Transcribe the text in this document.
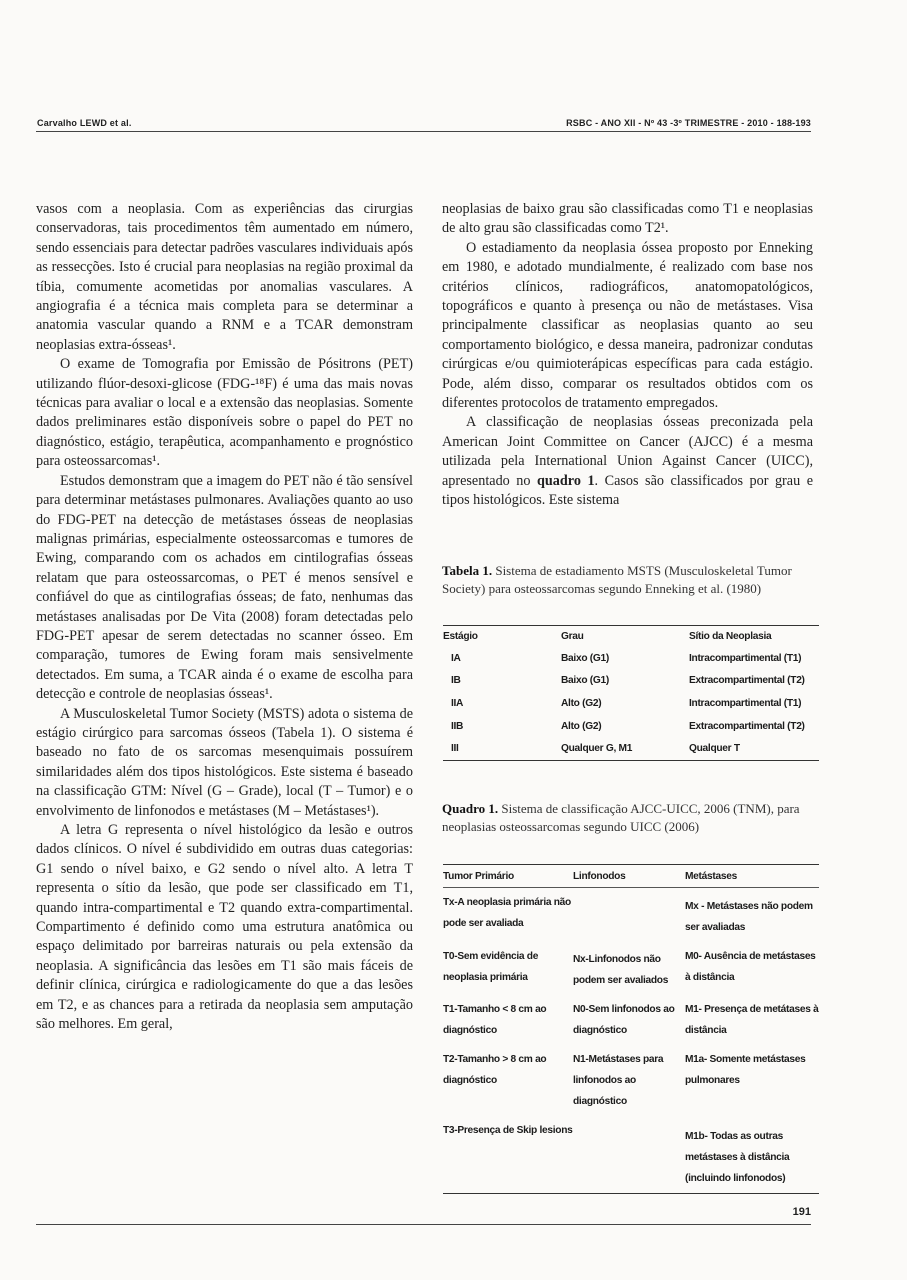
Carvalho LEWD et al.	RSBC - ANO XII - Nº 43 -3º TRIMESTRE - 2010 - 188-193

vasos com a neoplasia. Com as experiências das cirurgias conservadoras, tais procedimentos têm aumentado em número, sendo essenciais para detectar padrões vasculares individuais após as ressecções. Isto é crucial para neoplasias na região proximal da tíbia, comumente acometidas por anomalias vasculares. A angiografia é a técnica mais completa para se determinar a anatomia vascular quando a RNM e a TCAR demonstram neoplasias extra-ósseas¹.

O exame de Tomografia por Emissão de Pósitrons (PET) utilizando flúor-desoxi-glicose (FDG-¹⁸F) é uma das mais novas técnicas para avaliar o local e a extensão das neoplasias. Somente dados preliminares estão disponíveis sobre o papel do PET no diagnóstico, estágio, terapêutica, acompanhamento e prognóstico para osteossarcomas¹.

Estudos demonstram que a imagem do PET não é tão sensível para determinar metástases pulmonares. Avaliações quanto ao uso do FDG-PET na detecção de metástases ósseas de neoplasias malignas primárias, especialmente osteossarcomas e tumores de Ewing, comparando com os achados em cintilografias ósseas relatam que para osteossarcomas, o PET é menos sensível e confiável do que as cintilografias ósseas; de fato, nenhumas das metástases analisadas por De Vita (2008) foram detectadas pelo FDG-PET apesar de serem detectadas no scanner ósseo. Em comparação, tumores de Ewing foram mais sensivelmente detectados. Em suma, a TCAR ainda é o exame de escolha para detecção e controle de neoplasias ósseas¹.

A Musculoskeletal Tumor Society (MSTS) adota o sistema de estágio cirúrgico para sarcomas ósseos (Tabela 1). O sistema é baseado no fato de os sarcomas mesenquimais possuírem similaridades além dos tipos histológicos. Este sistema é baseado na classificação GTM: Nível (G – Grade), local (T – Tumor) e o envolvimento de linfonodos e metástases (M – Metástases¹).

A letra G representa o nível histológico da lesão e outros dados clínicos. O nível é subdividido em outras duas categorias: G1 sendo o nível baixo, e G2 sendo o nível alto. A letra T representa o sítio da lesão, que pode ser classificado em T1, quando intra-compartimental e T2 quando extra-compartimental. Compartimento é definido como uma estrutura anatômica ou espaço delimitado por barreiras naturais ou pela extensão da neoplasia. A significância das lesões em T1 são mais fáceis de definir clínica, cirúrgica e radiologicamente do que a das lesões em T2, e as chances para a retirada da neoplasia sem amputação são melhores. Em geral,

neoplasias de baixo grau são classificadas como T1 e neoplasias de alto grau são classificadas como T2¹.

O estadiamento da neoplasia óssea proposto por Enneking em 1980, e adotado mundialmente, é realizado com base nos critérios clínicos, radiográficos, anatomopatológicos, topográficos e quanto à presença ou não de metástases. Visa principalmente classificar as neoplasias quanto ao seu comportamento biológico, e dessa maneira, padronizar condutas cirúrgicas e/ou quimioterápicas específicas para cada estágio. Pode, além disso, comparar os resultados obtidos com os diferentes protocolos de tratamento empregados.

A classificação de neoplasias ósseas preconizada pela American Joint Committee on Cancer (AJCC) é a mesma utilizada pela International Union Against Cancer (UICC), apresentado no quadro 1. Casos são classificados por grau e tipos histológicos. Este sistema

Tabela 1. Sistema de estadiamento MSTS (Musculoskeletal Tumor Society) para osteossarcomas segundo Enneking et al. (1980)
Estágio	Grau	Sítio da Neoplasia
IA	Baixo (G1)	Intracompartimental (T1)
IB	Baixo (G1)	Extracompartimental (T2)
IIA	Alto (G2)	Intracompartimental (T1)
IIB	Alto (G2)	Extracompartimental (T2)
III	Qualquer G, M1	Qualquer T
Quadro 1. Sistema de classificação AJCC-UICC, 2006 (TNM), para neoplasias osteossarcomas segundo UICC (2006)
Tumor Primário	Linfonodos	Metástases
Tx-A neoplasia primária não pode ser avaliada		Mx - Metástases não podem ser avaliadas
T0-Sem evidência de neoplasia primária	Nx-Linfonodos não podem ser avaliados	M0- Ausência de metástases à distância
T1-Tamanho < 8 cm ao diagnóstico	N0-Sem linfonodos ao diagnóstico	M1- Presença de metátases à distância
T2-Tamanho > 8 cm ao diagnóstico	N1-Metástases para linfonodos ao diagnóstico	M1a- Somente metástases pulmonares
T3-Presença de Skip lesions		M1b- Todas as outras metástases à distância (incluindo linfonodos)
191
